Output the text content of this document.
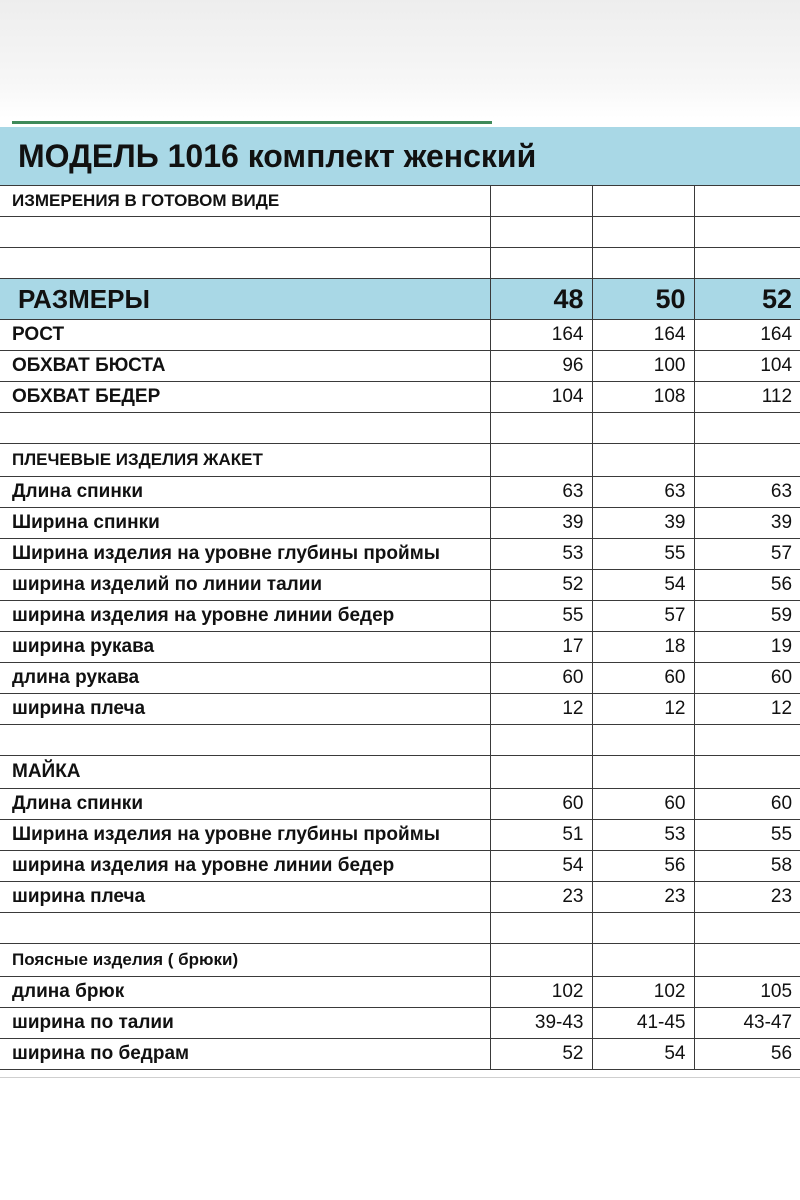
МОДЕЛЬ 1016 комплект женский			
ИЗМЕРЕНИЯ В ГОТОВОМ ВИДЕ			

РАЗМЕРЫ	48	50	52
РОСТ	164	164	164
ОБХВАТ БЮСТА	96	100	104
ОБХВАТ БЕДЕР	104	108	112

ПЛЕЧЕВЫЕ ИЗДЕЛИЯ ЖАКЕТ			
Длина спинки	63	63	63
Ширина спинки	39	39	39
Ширина изделия на уровне глубины проймы	53	55	57
ширина изделий по линии талии	52	54	56
ширина изделия на уровне линии бедер	55	57	59
ширина рукава	17	18	19
длина рукава	60	60	60
ширина плеча	12	12	12

МАЙКА			
Длина спинки	60	60	60
Ширина изделия на уровне глубины проймы	51	53	55
ширина изделия на уровне линии бедер	54	56	58
ширина плеча	23	23	23

Поясные изделия ( брюки)			
длина брюк	102	102	105
ширина по талии	39-43	41-45	43-47
ширина по бедрам	52	54	56
